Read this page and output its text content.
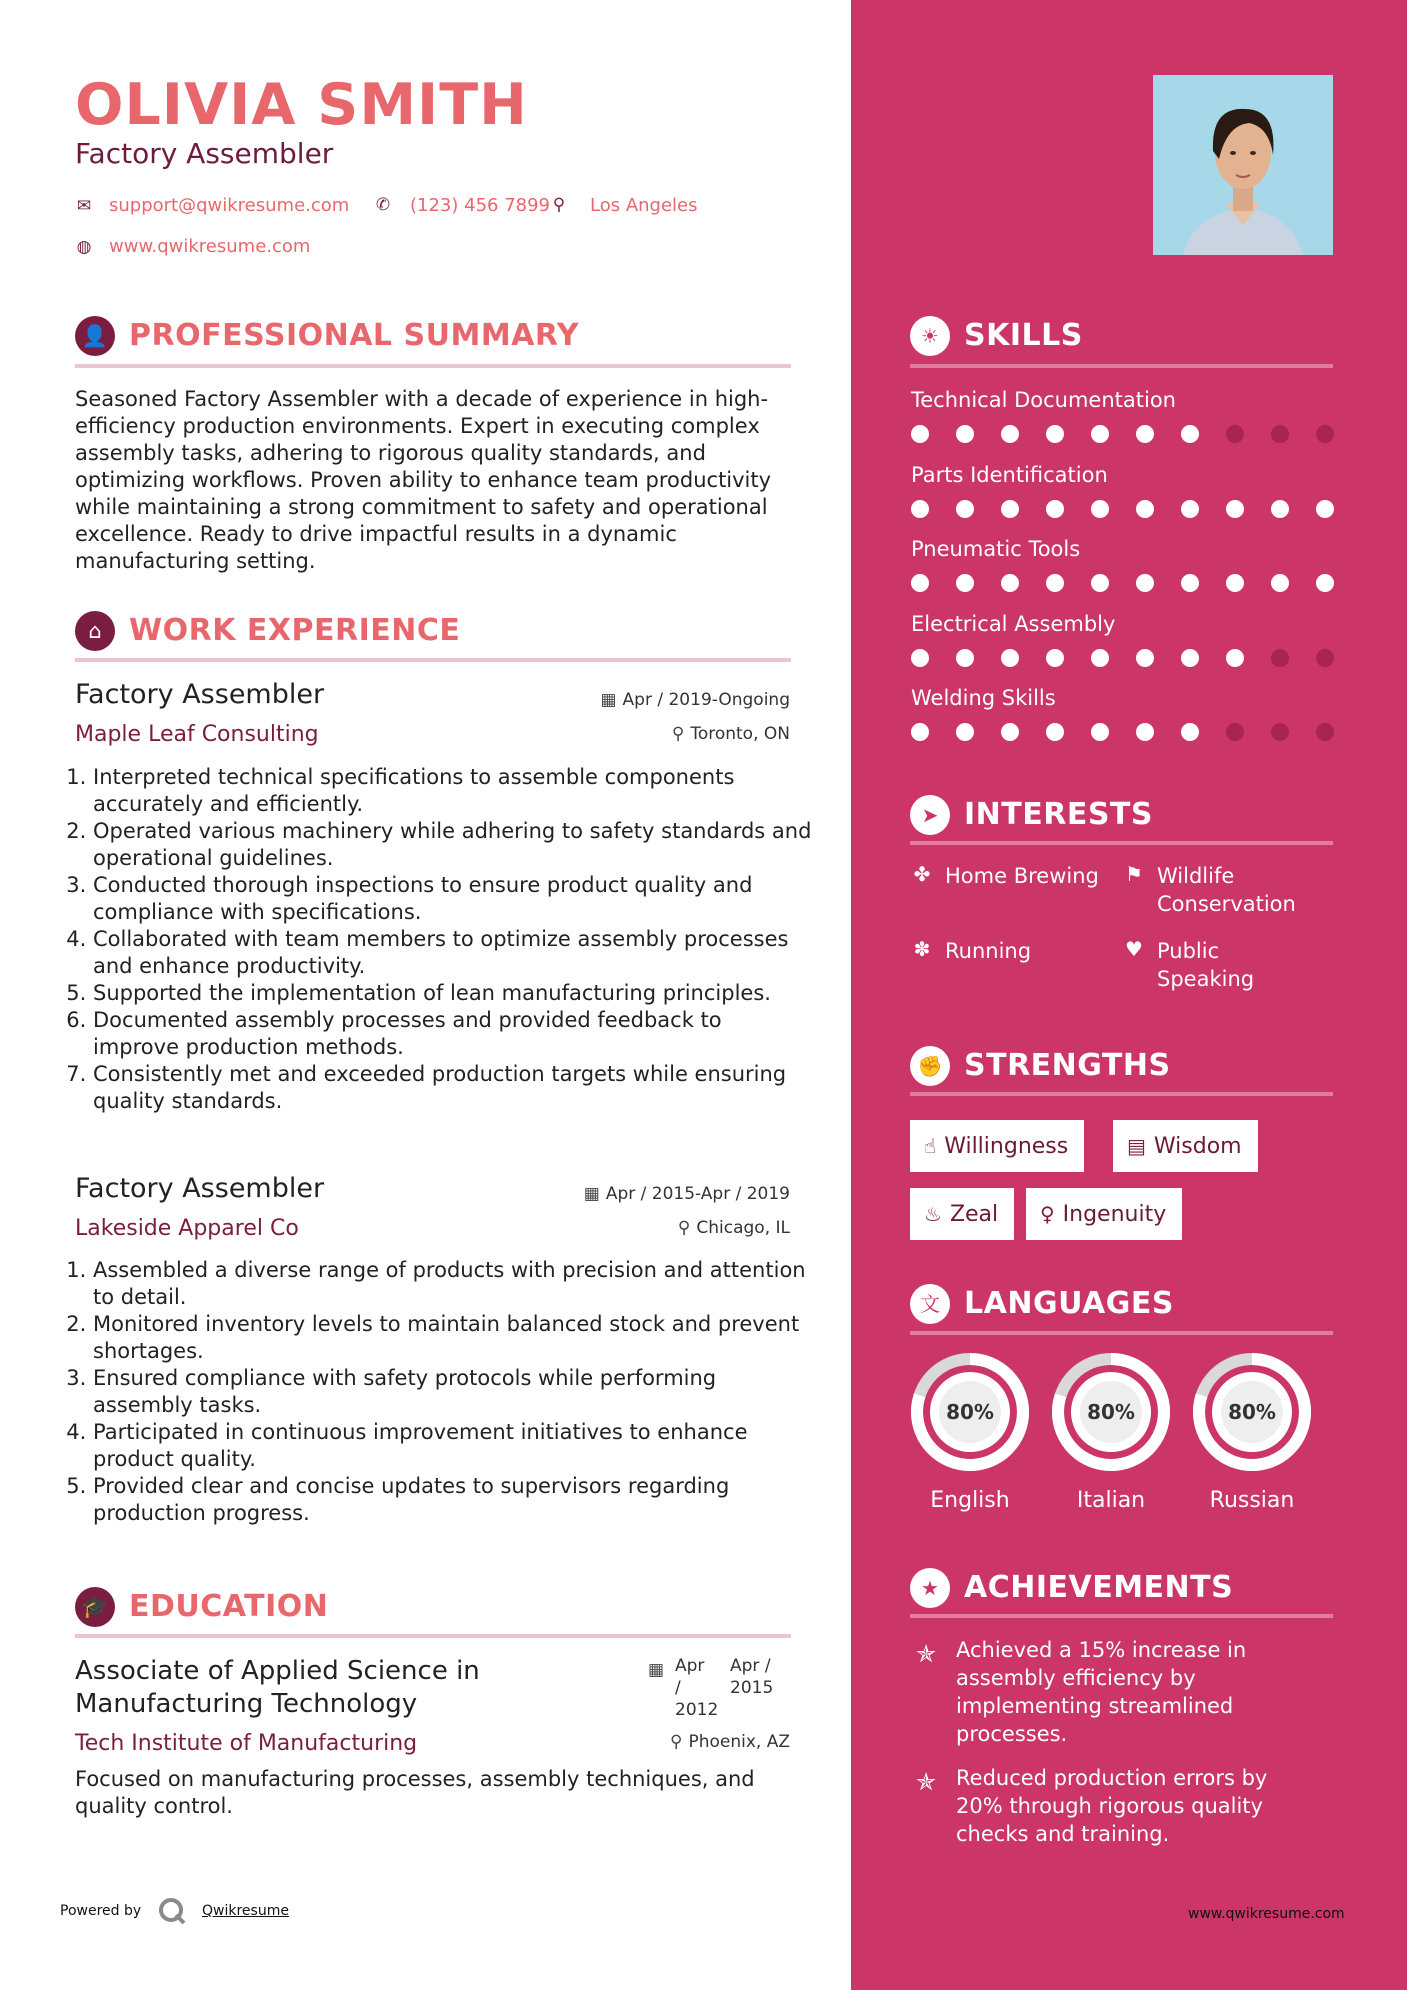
OLIVIA SMITH
Factory Assembler
✉ support@qwikresume.com ✆ (123) 456 7899 ⚲ Los Angeles
◍ www.qwikresume.com
👤 PROFESSIONAL SUMMARY
Seasoned Factory Assembler with a decade of experience in high-efficiency production environments. Expert in executing complex assembly tasks, adhering to rigorous quality standards, and optimizing workflows. Proven ability to enhance team productivity while maintaining a strong commitment to safety and operational excellence. Ready to drive impactful results in a dynamic manufacturing setting.
⌂ WORK EXPERIENCE
Factory Assembler
Maple Leaf Consulting
▦ Apr / 2019-Ongoing
⚲ Toronto, ON
1. Interpreted technical specifications to assemble components accurately and efficiently.
2. Operated various machinery while adhering to safety standards and operational guidelines.
3. Conducted thorough inspections to ensure product quality and compliance with specifications.
4. Collaborated with team members to optimize assembly processes and enhance productivity.
5. Supported the implementation of lean manufacturing principles.
6. Documented assembly processes and provided feedback to improve production methods.
7. Consistently met and exceeded production targets while ensuring quality standards.
Factory Assembler
Lakeside Apparel Co
▦ Apr / 2015-Apr / 2019
⚲ Chicago, IL
1. Assembled a diverse range of products with precision and attention to detail.
2. Monitored inventory levels to maintain balanced stock and prevent shortages.
3. Ensured compliance with safety protocols while performing assembly tasks.
4. Participated in continuous improvement initiatives to enhance product quality.
5. Provided clear and concise updates to supervisors regarding production progress.
🎓 EDUCATION
Associate of Applied Science in Manufacturing Technology
Tech Institute of Manufacturing
▦ Apr / 2012
Apr / 2015
⚲ Phoenix, AZ
Focused on manufacturing processes, assembly techniques, and quality control.
Powered by	Qwikresume
☀ SKILLS
Technical Documentation
Parts Identification
Pneumatic Tools
Electrical Assembly
Welding Skills
➤ INTERESTS
✤ Home Brewing ⚑ Wildlife Conservation
✽ Running	♥ Public Speaking
✊ STRENGTHS
☝ Willingness	▤ Wisdom
♨ Zeal	♀ Ingenuity
文 LANGUAGES
80%
English
80%
Italian
80%
Russian
★ ACHIEVEMENTS
✯ Achieved a 15% increase in assembly efficiency by implementing streamlined processes.
✯ Reduced production errors by 20% through rigorous quality checks and training.
www.qwikresume.com
